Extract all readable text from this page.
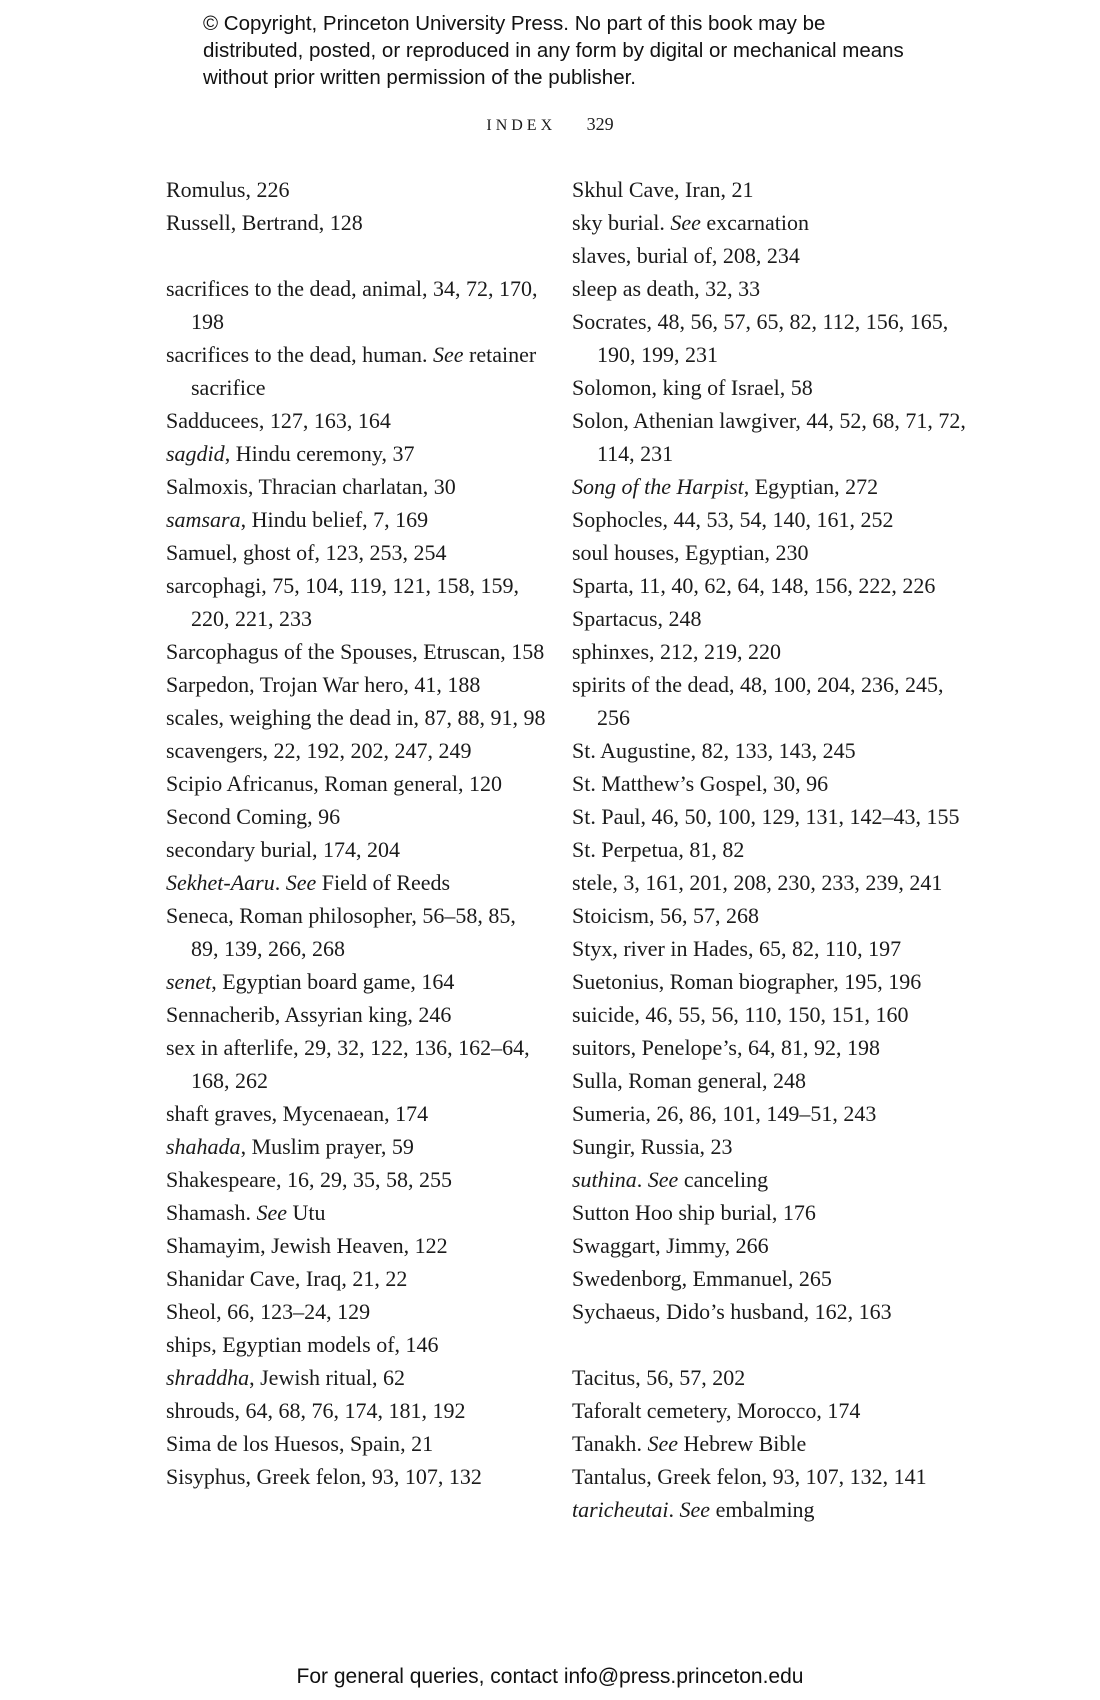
© Copyright, Princeton University Press. No part of this book may be distributed, posted, or reproduced in any form by digital or mechanical means without prior written permission of the publisher.
INDEX 329
Romulus, 226
Russell, Bertrand, 128
sacrifices to the dead, animal, 34, 72, 170, 198
sacrifices to the dead, human. See retainer sacrifice
Sadducees, 127, 163, 164
sagdid, Hindu ceremony, 37
Salmoxis, Thracian charlatan, 30
samsara, Hindu belief, 7, 169
Samuel, ghost of, 123, 253, 254
sarcophagi, 75, 104, 119, 121, 158, 159, 220, 221, 233
Sarcophagus of the Spouses, Etruscan, 158
Sarpedon, Trojan War hero, 41, 188
scales, weighing the dead in, 87, 88, 91, 98
scavengers, 22, 192, 202, 247, 249
Scipio Africanus, Roman general, 120
Second Coming, 96
secondary burial, 174, 204
Sekhet-Aaru. See Field of Reeds
Seneca, Roman philosopher, 56–58, 85, 89, 139, 266, 268
senet, Egyptian board game, 164
Sennacherib, Assyrian king, 246
sex in afterlife, 29, 32, 122, 136, 162–64, 168, 262
shaft graves, Mycenaean, 174
shahada, Muslim prayer, 59
Shakespeare, 16, 29, 35, 58, 255
Shamash. See Utu
Shamayim, Jewish Heaven, 122
Shanidar Cave, Iraq, 21, 22
Sheol, 66, 123–24, 129
ships, Egyptian models of, 146
shraddha, Jewish ritual, 62
shrouds, 64, 68, 76, 174, 181, 192
Sima de los Huesos, Spain, 21
Sisyphus, Greek felon, 93, 107, 132
Skhul Cave, Iran, 21
sky burial. See excarnation
slaves, burial of, 208, 234
sleep as death, 32, 33
Socrates, 48, 56, 57, 65, 82, 112, 156, 165, 190, 199, 231
Solomon, king of Israel, 58
Solon, Athenian lawgiver, 44, 52, 68, 71, 72, 114, 231
Song of the Harpist, Egyptian, 272
Sophocles, 44, 53, 54, 140, 161, 252
soul houses, Egyptian, 230
Sparta, 11, 40, 62, 64, 148, 156, 222, 226
Spartacus, 248
sphinxes, 212, 219, 220
spirits of the dead, 48, 100, 204, 236, 245, 256
St. Augustine, 82, 133, 143, 245
St. Matthew’s Gospel, 30, 96
St. Paul, 46, 50, 100, 129, 131, 142–43, 155
St. Perpetua, 81, 82
stele, 3, 161, 201, 208, 230, 233, 239, 241
Stoicism, 56, 57, 268
Styx, river in Hades, 65, 82, 110, 197
Suetonius, Roman biographer, 195, 196
suicide, 46, 55, 56, 110, 150, 151, 160
suitors, Penelope’s, 64, 81, 92, 198
Sulla, Roman general, 248
Sumeria, 26, 86, 101, 149–51, 243
Sungir, Russia, 23
suthina. See canceling
Sutton Hoo ship burial, 176
Swaggart, Jimmy, 266
Swedenborg, Emmanuel, 265
Sychaeus, Dido’s husband, 162, 163
Tacitus, 56, 57, 202
Taforalt cemetery, Morocco, 174
Tanakh. See Hebrew Bible
Tantalus, Greek felon, 93, 107, 132, 141
taricheutai. See embalming
For general queries, contact info@press.princeton.edu
